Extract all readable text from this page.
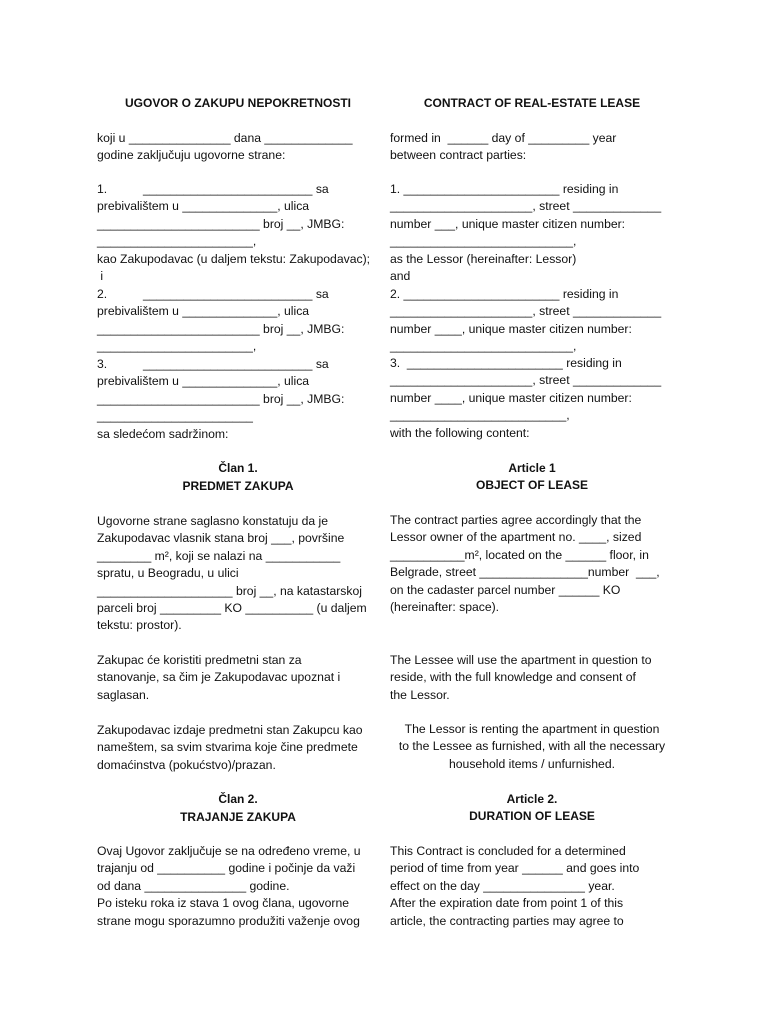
UGOVOR O ZAKUPU NEPOKRETNOSTI
koji u _______________ dana _____________
godine zaključuju ugovorne strane:
1.	_________________________ sa
prebivalištem u ______________, ulica
________________________ broj __, JMBG:
_______________________,
kao Zakupodavac (u daljem tekstu: Zakupodavac);
i
2.	_________________________ sa
prebivalištem u ______________, ulica
________________________ broj __, JMBG:
_______________________,
3.	_________________________ sa
prebivalištem u ______________, ulica
________________________ broj __, JMBG:
_______________________
sa sledećom sadržinom:
Član 1.
PREDMET ZAKUPA
Ugovorne strane saglasno konstatuju da je
Zakupodavac vlasnik stana broj ___, površine
________ m², koji se nalazi na ___________
spratu, u Beogradu, u ulici
____________________ broj __, na katastarskoj
parceli broj _________ KO __________ (u daljem
tekstu: prostor).
Zakupac će koristiti predmetni stan za
stanovanje, sa čim je Zakupodavac upoznat i
saglasan.
Zakupodavac izdaje predmetni stan Zakupcu kao
nameštem, sa svim stvarima koje čine predmete
domaćinstva (pokućstvo)/prazan.
Član 2.
TRAJANJE ZAKUPA
Ovaj Ugovor zaključuje se na određeno vreme, u
trajanju od __________ godine i počinje da važi
od dana _______________ godine.
Po isteku roka iz stava 1 ovog člana, ugovorne
strane mogu sporazumno produžiti važenje ovog
CONTRACT OF REAL-ESTATE LEASE
formed in  ______ day of _________ year
between contract parties:
1. _______________________ residing in
_____________________, street _____________
number ___, unique master citizen number:
___________________________,
as the Lessor (hereinafter: Lessor)
and
2. _______________________ residing in
_____________________, street _____________
number ____, unique master citizen number:
___________________________,
3.  _______________________ residing in
_____________________, street _____________
number ____, unique master citizen number:
__________________________,
with the following content:
Article 1
OBJECT OF LEASE
The contract parties agree accordingly that the
Lessor owner of the apartment no. ____, sized
___________m², located on the ______ floor, in
Belgrade, street ________________number  ___,
on the cadaster parcel number ______ KO
(hereinafter: space).
The Lessee will use the apartment in question to
reside, with the full knowledge and consent of
the Lessor.
The Lessor is renting the apartment in question
to the Lessee as furnished, with all the necessary
household items / unfurnished.
Article 2.
DURATION OF LEASE
This Contract is concluded for a determined
period of time from year ______ and goes into
effect on the day _______________ year.
After the expiration date from point 1 of this
article, the contracting parties may agree to
